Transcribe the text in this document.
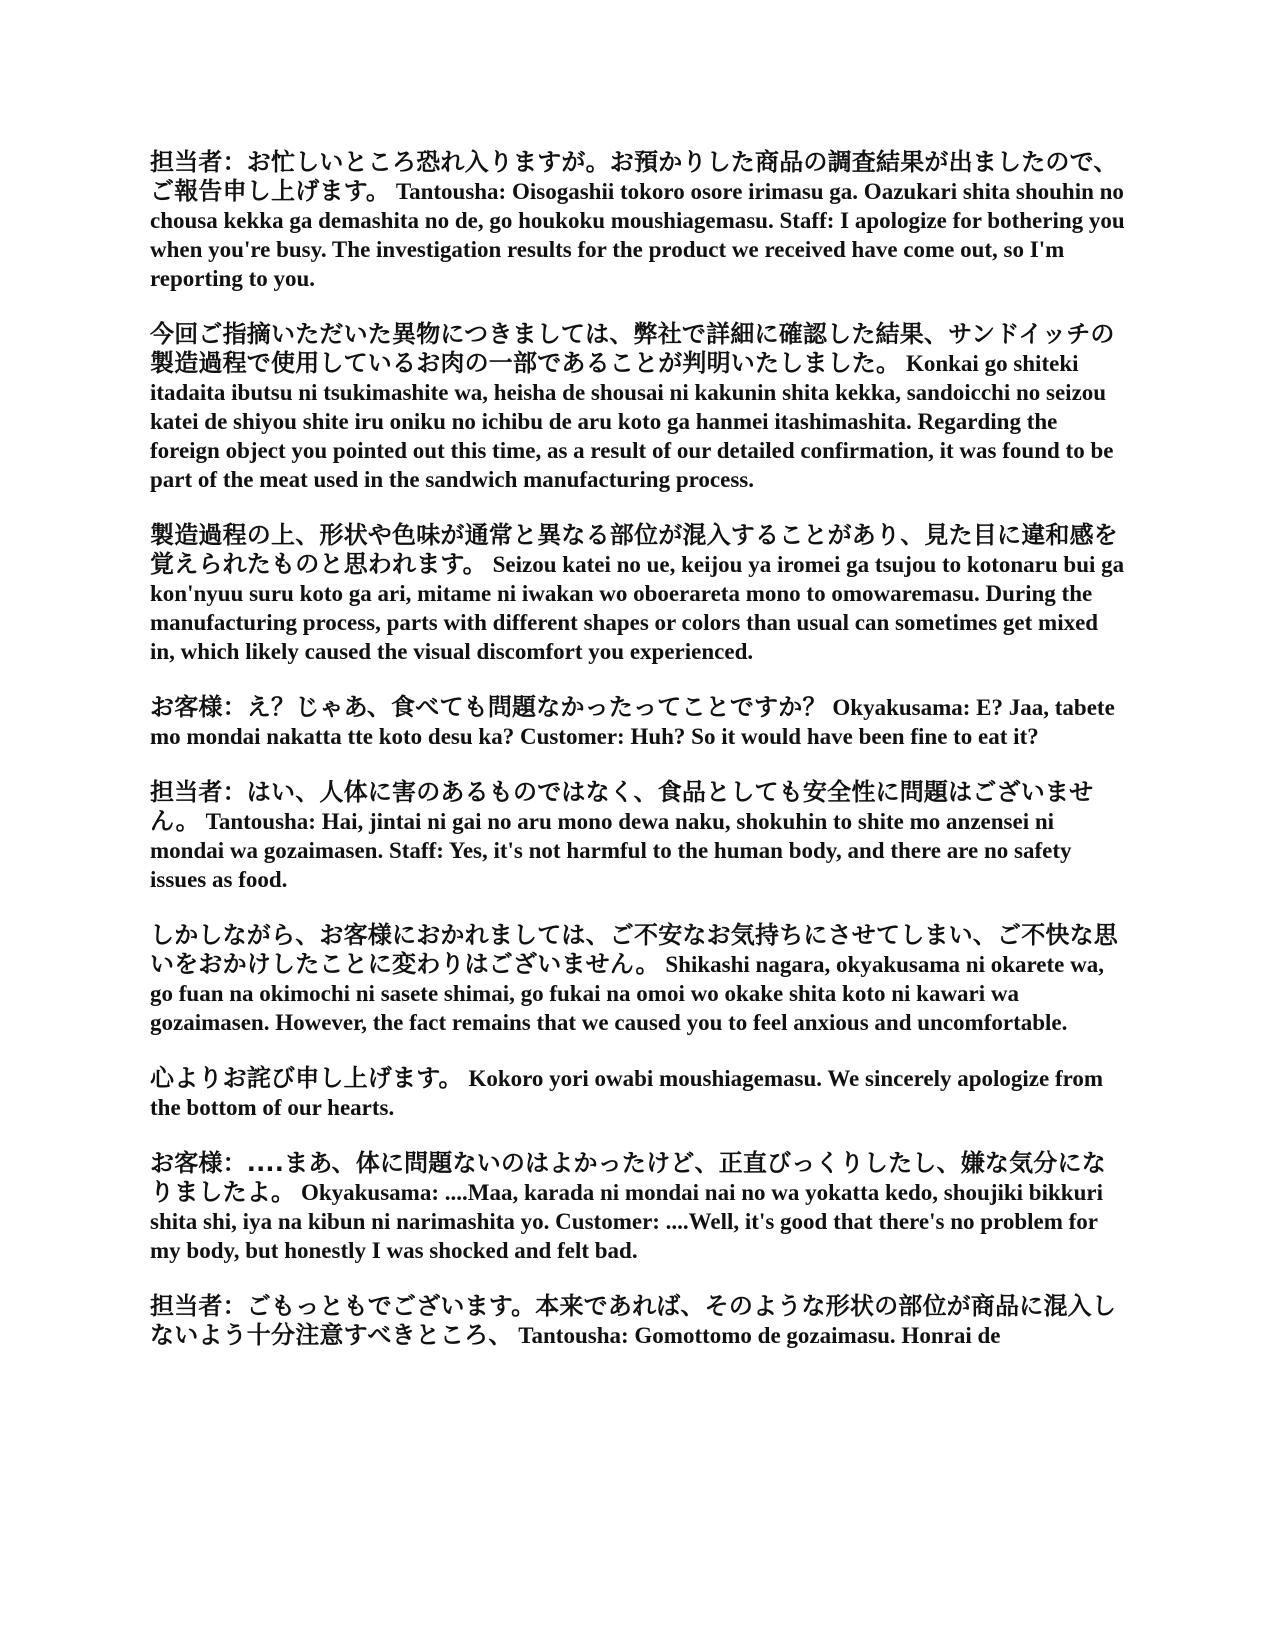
担当者：お忙しいところ恐れ入りますが。お預かりした商品の調査結果が出ましたので、ご報告申し上げます。 Tantousha: Oisogashii tokoro osore irimasu ga. Oazukari shita shouhin no chousa kekka ga demashita no de, go houkoku moushiagemasu. Staff: I apologize for bothering you when you're busy. The investigation results for the product we received have come out, so I'm reporting to you.

今回ご指摘いただいた異物につきましては、弊社で詳細に確認した結果、サンドイッチの製造過程で使用しているお肉の一部であることが判明いたしました。 Konkai go shiteki itadaita ibutsu ni tsukimashite wa, heisha de shousai ni kakunin shita kekka, sandoicchi no seizou katei de shiyou shite iru oniku no ichibu de aru koto ga hanmei itashimashita. Regarding the foreign object you pointed out this time, as a result of our detailed confirmation, it was found to be part of the meat used in the sandwich manufacturing process.

製造過程の上、形状や色味が通常と異なる部位が混入することがあり、見た目に違和感を覚えられたものと思われます。 Seizou katei no ue, keijou ya iromei ga tsujou to kotonaru bui ga kon'nyuu suru koto ga ari, mitame ni iwakan wo oboerareta mono to omowaremasu. During the manufacturing process, parts with different shapes or colors than usual can sometimes get mixed in, which likely caused the visual discomfort you experienced.

お客様：え？じゃあ、食べても問題なかったってことですか？ Okyakusama: E? Jaa, tabete mo mondai nakatta tte koto desu ka? Customer: Huh? So it would have been fine to eat it?

担当者：はい、人体に害のあるものではなく、食品としても安全性に問題はございません。 Tantousha: Hai, jintai ni gai no aru mono dewa naku, shokuhin to shite mo anzensei ni mondai wa gozaimasen. Staff: Yes, it's not harmful to the human body, and there are no safety issues as food.

しかしながら、お客様におかれましては、ご不安なお気持ちにさせてしまい、ご不快な思いをおかけしたことに変わりはございません。 Shikashi nagara, okyakusama ni okarete wa, go fuan na okimochi ni sasete shimai, go fukai na omoi wo okake shita koto ni kawari wa gozaimasen. However, the fact remains that we caused you to feel anxious and uncomfortable.

心よりお詫び申し上げます。 Kokoro yori owabi moushiagemasu. We sincerely apologize from the bottom of our hearts.

お客様：....まあ、体に問題ないのはよかったけど、正直びっくりしたし、嫌な気分になりましたよ。 Okyakusama: ....Maa, karada ni mondai nai no wa yokatta kedo, shoujiki bikkuri shita shi, iya na kibun ni narimashita yo. Customer: ....Well, it's good that there's no problem for my body, but honestly I was shocked and felt bad.

担当者：ごもっともでございます。本来であれば、そのような形状の部位が商品に混入しないよう十分注意すべきところ、 Tantousha: Gomottomo de gozaimasu. Honrai de
